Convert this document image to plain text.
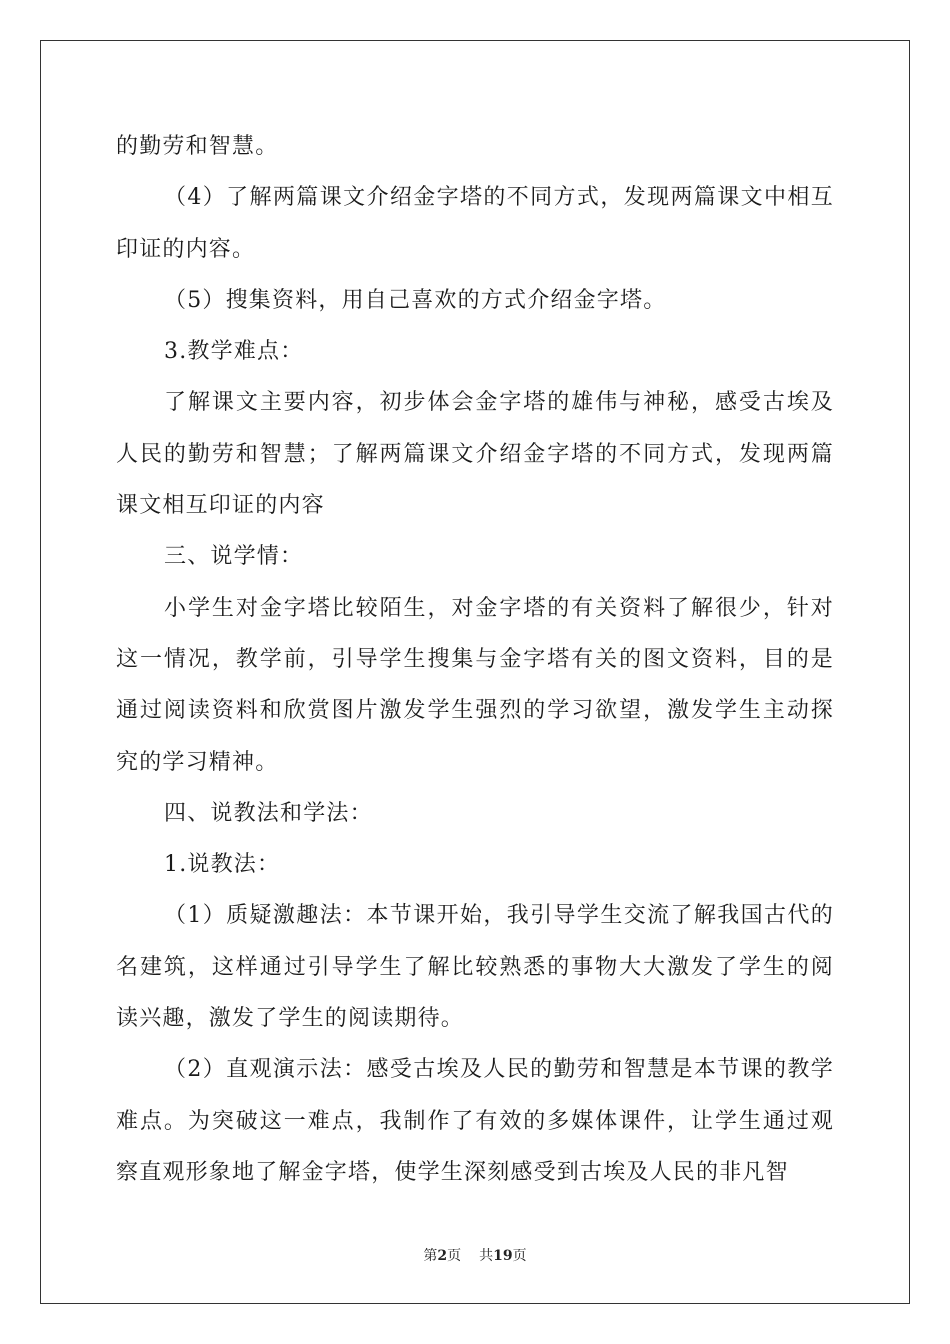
的勤劳和智慧。

（4）了解两篇课文介绍金字塔的不同方式，发现两篇课文中相互印证的内容。

（5）搜集资料，用自己喜欢的方式介绍金字塔。

3.教学难点：

了解课文主要内容，初步体会金字塔的雄伟与神秘，感受古埃及人民的勤劳和智慧；了解两篇课文介绍金字塔的不同方式，发现两篇课文相互印证的内容

三、说学情：

小学生对金字塔比较陌生，对金字塔的有关资料了解很少，针对这一情况，教学前，引导学生搜集与金字塔有关的图文资料，目的是通过阅读资料和欣赏图片激发学生强烈的学习欲望，激发学生主动探究的学习精神。

四、说教法和学法：

1.说教法：

（1）质疑激趣法：本节课开始，我引导学生交流了解我国古代的名建筑，这样通过引导学生了解比较熟悉的事物大大激发了学生的阅读兴趣，激发了学生的阅读期待。

（2）直观演示法：感受古埃及人民的勤劳和智慧是本节课的教学难点。为突破这一难点，我制作了有效的多媒体课件，让学生通过观察直观形象地了解金字塔，使学生深刻感受到古埃及人民的非凡智

第2页 共19页
